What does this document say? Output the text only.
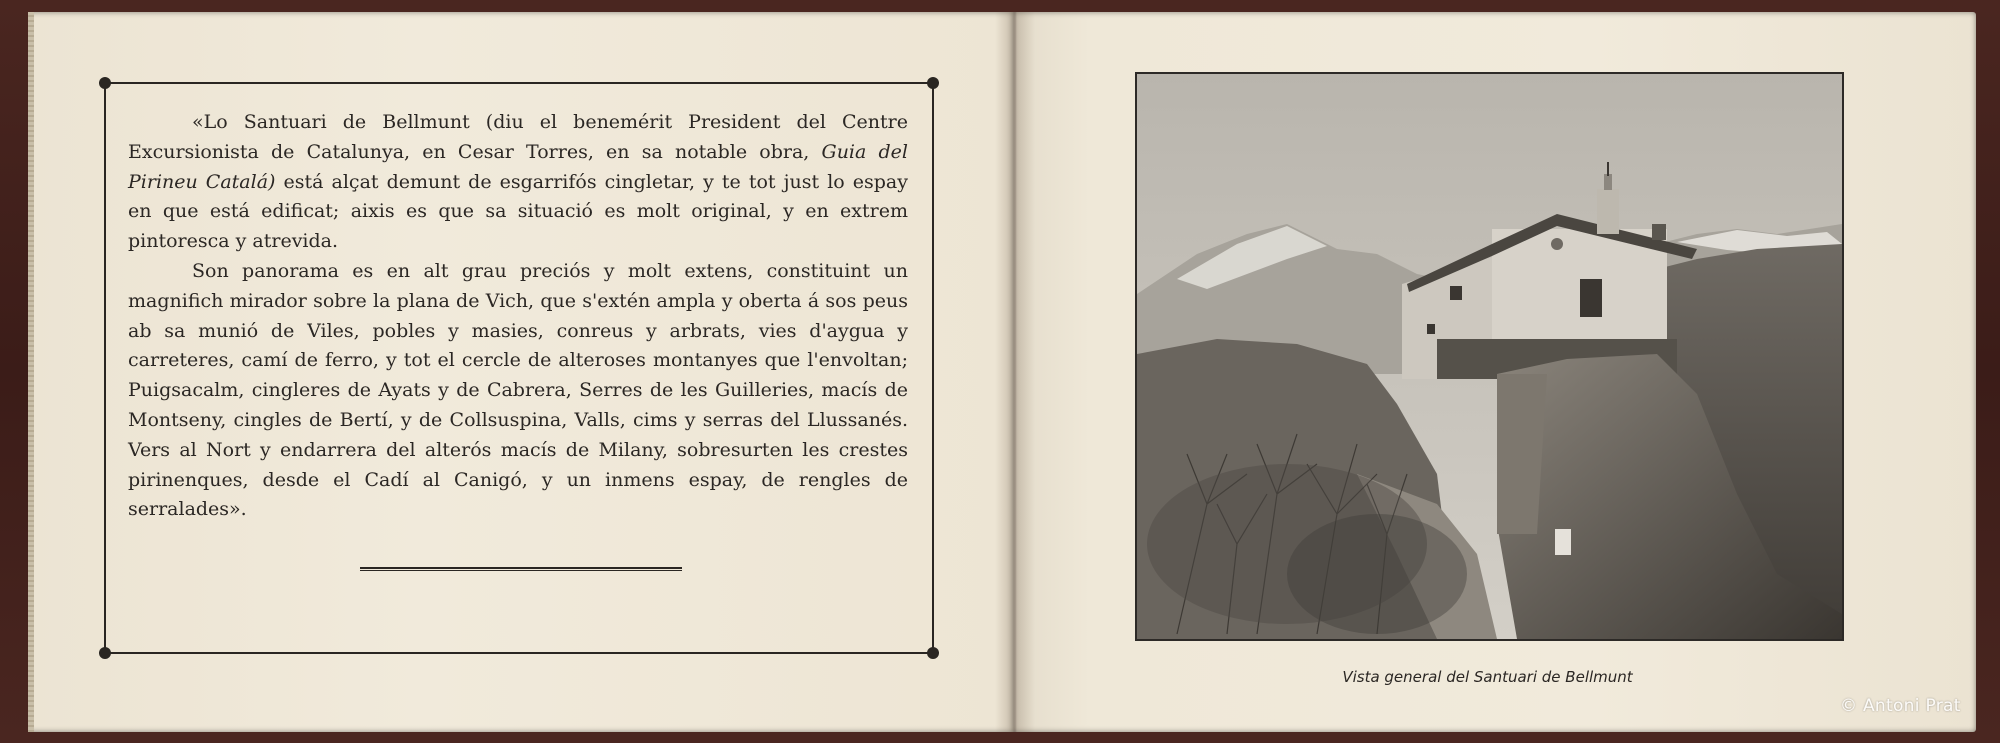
«Lo Santuari de Bellmunt (diu el benemérit President del Centre Excursionista de Catalunya, en Cesar Torres, en sa notable obra, Guia del Pirineu Catalá) está alçat demunt de esgarrifós cingletar, y te tot just lo espay en que está edificat; aixis es que sa situació es molt original, y en extrem pintoresca y atrevida.

Son panorama es en alt grau preciós y molt extens, constituint un magnifich mirador sobre la plana de Vich, que s'extén ampla y oberta á sos peus ab sa munió de Viles, pobles y masies, conreus y arbrats, vies d'aygua y carreteres, camí de ferro, y tot el cercle de alteroses montanyes que l'envoltan; Puigsacalm, cingleres de Ayats y de Cabrera, Serres de les Guilleries, macís de Montseny, cingles de Bertí, y de Collsuspina, Valls, cims y serras del Llussanés. Vers al Nort y endarrera del alterós macís de Milany, sobresurten les crestes pirinenques, desde el Cadí al Canigó, y un inmens espay, de rengles de serralades».

Vista general del Santuari de Bellmunt
© Antoni Prat
